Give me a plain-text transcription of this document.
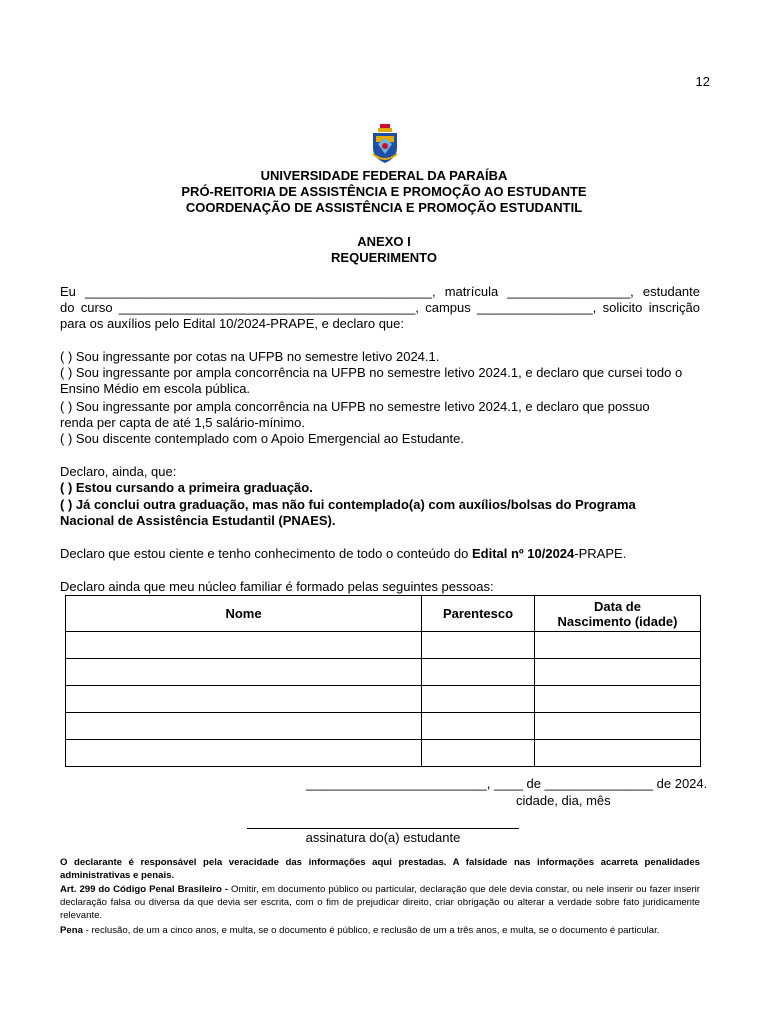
12
UNIVERSIDADE FEDERAL DA PARAÍBA
PRÓ-REITORIA DE ASSISTÊNCIA E PROMOÇÃO AO ESTUDANTE
COORDENAÇÃO DE ASSISTÊNCIA E PROMOÇÃO ESTUDANTIL
ANEXO I
REQUERIMENTO
Eu ________________________________________________, matrícula _________________, estudante
do curso _________________________________________, campus ________________, solicito inscrição
para os auxílios pelo Edital 10/2024-PRAPE, e declaro que:
( ) Sou ingressante por cotas na UFPB no semestre letivo 2024.1.
( ) Sou ingressante por ampla concorrência na UFPB no semestre letivo 2024.1, e declaro que cursei todo o
Ensino Médio em escola pública.
( ) Sou ingressante por ampla concorrência na UFPB no semestre letivo 2024.1, e declaro que possuo
renda per capta de até 1,5 salário-mínimo.
( ) Sou discente contemplado com o Apoio Emergencial ao Estudante.
Declaro, ainda, que:
( ) Estou cursando a primeira graduação.
( ) Já conclui outra graduação, mas não fui contemplado(a) com auxílios/bolsas do Programa
Nacional de Assistência Estudantil (PNAES).
Declaro que estou ciente e tenho conhecimento de todo o conteúdo do Edital nº 10/2024-PRAPE.
Declaro ainda que meu núcleo familiar é formado pelas seguintes pessoas:
Nome	Parentesco	Data de
Nascimento (idade)

_________________________, ____ de _______________ de 2024.
cidade, dia, mês
assinatura do(a) estudante
O declarante é responsável pela veracidade das informações aqui prestadas. A falsidade nas informações acarreta penalidades administrativas e penais.
Art. 299 do Código Penal Brasileiro - Omitir, em documento público ou particular, declaração que dele devia constar, ou nele inserir ou fazer inserir declaração falsa ou diversa da que devia ser escrita, com o fim de prejudicar direito, criar obrigação ou alterar a verdade sobre fato juridicamente relevante.
Pena - reclusão, de um a cinco anos, e multa, se o documento é público, e reclusão de um a três anos, e multa, se o documento é particular.
